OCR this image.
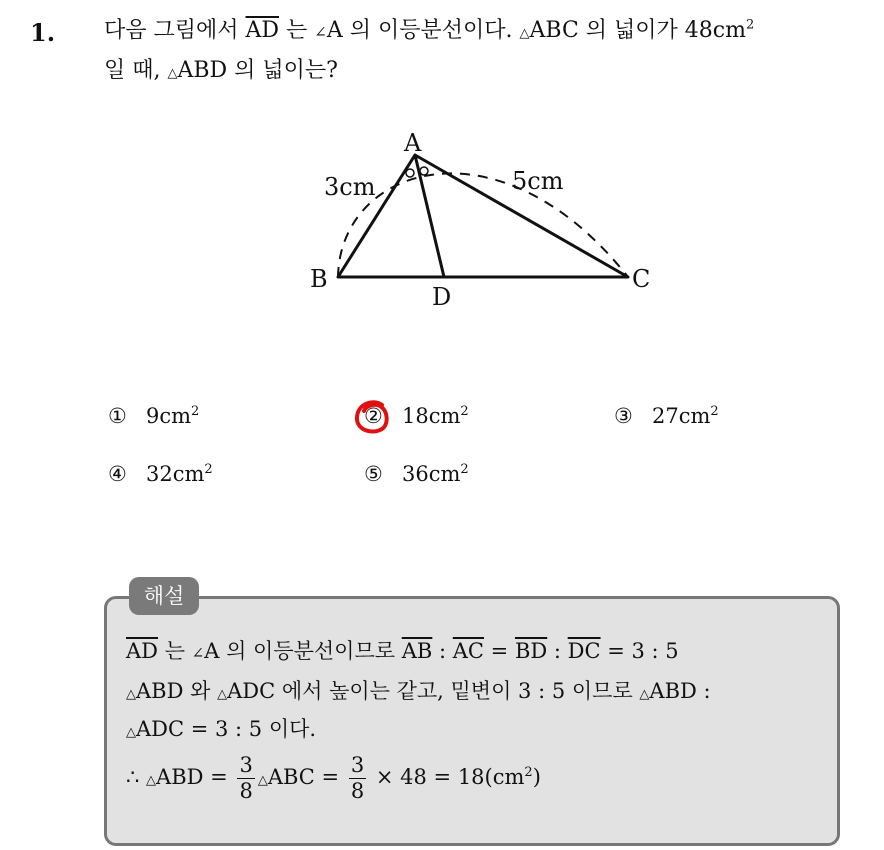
1. 다음 그림에서 $\overline{AD}$ 는 ∠A 의 이등분선이다. △ABC 의 넓이가 $48cm^2$
일 때, △ABD 의 넓이는?
A
B	C
D
3cm	5cm
① $9cm^2$	② $18cm^2$	③ $27cm^2$
④ $32cm^2$	⑤ $36cm^2$
해설
$\overline{AD}$ 는 ∠A 의 이등분선이므로 $\overline{AB}$ : $\overline{AC} = \overline{BD}$ : $\overline{DC} = 3$ : 5
△ABD 와 △ADC 에서 높이는 같고, 밑변이 3 : 5 이므로 △ABD :
△ADC = 3 : 5 이다.
∴ △ABD = $\frac{3}{8}$ △ABC = $\frac{3}{8} \times 48 = 18(cm^2)$
